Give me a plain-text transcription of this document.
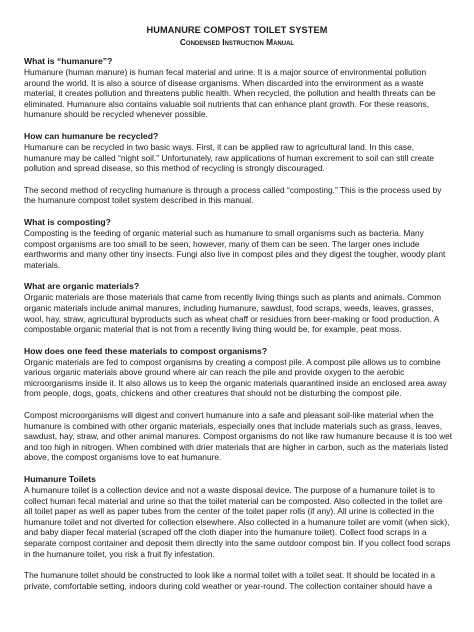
HUMANURE COMPOST TOILET SYSTEM
Condensed Instruction Manual
What is “humanure”?

Humanure (human manure) is human fecal material and urine. It is a major source of environmental pollution around the world. It is also a source of disease organisms. When discarded into the environment as a waste material, it creates pollution and threatens public health. When recycled, the pollution and health threats can be eliminated. Humanure also contains valuable soil nutrients that can enhance plant growth. For these reasons, humanure should be recycled whenever possible.

How can humanure be recycled?

Humanure can be recycled in two basic ways. First, it can be applied raw to agricultural land. In this case, humanure may be called “night soil.” Unfortunately, raw applications of human excrement to soil can still create pollution and spread disease, so this method of recycling is strongly discouraged.

The second method of recycling humanure is through a process called “composting.” This is the process used by the humanure compost toilet system described in this manual.

What is composting?

Composting is the feeding of organic material such as humanure to small organisms such as bacteria. Many compost organisms are too small to be seen, however, many of them can be seen. The larger ones include earthworms and many other tiny insects. Fungi also live in compost piles and they digest the tougher, woody plant materials.

What are organic materials?

Organic materials are those materials that came from recently living things such as plants and animals. Common organic materials include animal manures, including humanure, sawdust, food scraps, weeds, leaves, grasses, wool, hay, straw, agricultural byproducts such as wheat chaff or residues from beer-making or food production. A compostable organic material that is not from a recently living thing would be, for example, peat moss.

How does one feed these materials to compost organisms?

Organic materials are fed to compost organisms by creating a compost pile. A compost pile allows us to combine various organic materials above ground where air can reach the pile and provide oxygen to the aerobic microorganisms inside it. It also allows us to keep the organic materials quarantined inside an enclosed area away from people, dogs, goats, chickens and other creatures that should not be disturbing the compost pile.

Compost microorganisms will digest and convert humanure into a safe and pleasant soil-like material when the humanure is combined with other organic materials, especially ones that include materials such as grass, leaves, sawdust, hay, straw, and other animal manures. Compost organisms do not like raw humanure because it is too wet and too high in nitrogen. When combined with drier materials that are higher in carbon, such as the materials listed above, the compost organisms love to eat humanure.

Humanure Toilets

A humanure toilet is a collection device and not a waste disposal device. The purpose of a humanure toilet is to collect human fecal material and urine so that the toilet material can be composted. Also collected in the toilet are all toilet paper as well as paper tubes from the center of the toilet paper rolls (if any). All urine is collected in the humanure toilet and not diverted for collection elsewhere. Also collected in a humanure toilet are vomit (when sick), and baby diaper fecal material (scraped off the cloth diaper into the humanure toilet). Collect food scraps in a separate compost container and deposit them directly into the same outdoor compost bin. If you collect food scraps in the humanure toilet, you risk a fruit fly infestation.

The humanure toilet should be constructed to look like a normal toilet with a toilet seat. It should be located in a private, comfortable setting, indoors during cold weather or year-round. The collection container should have a
